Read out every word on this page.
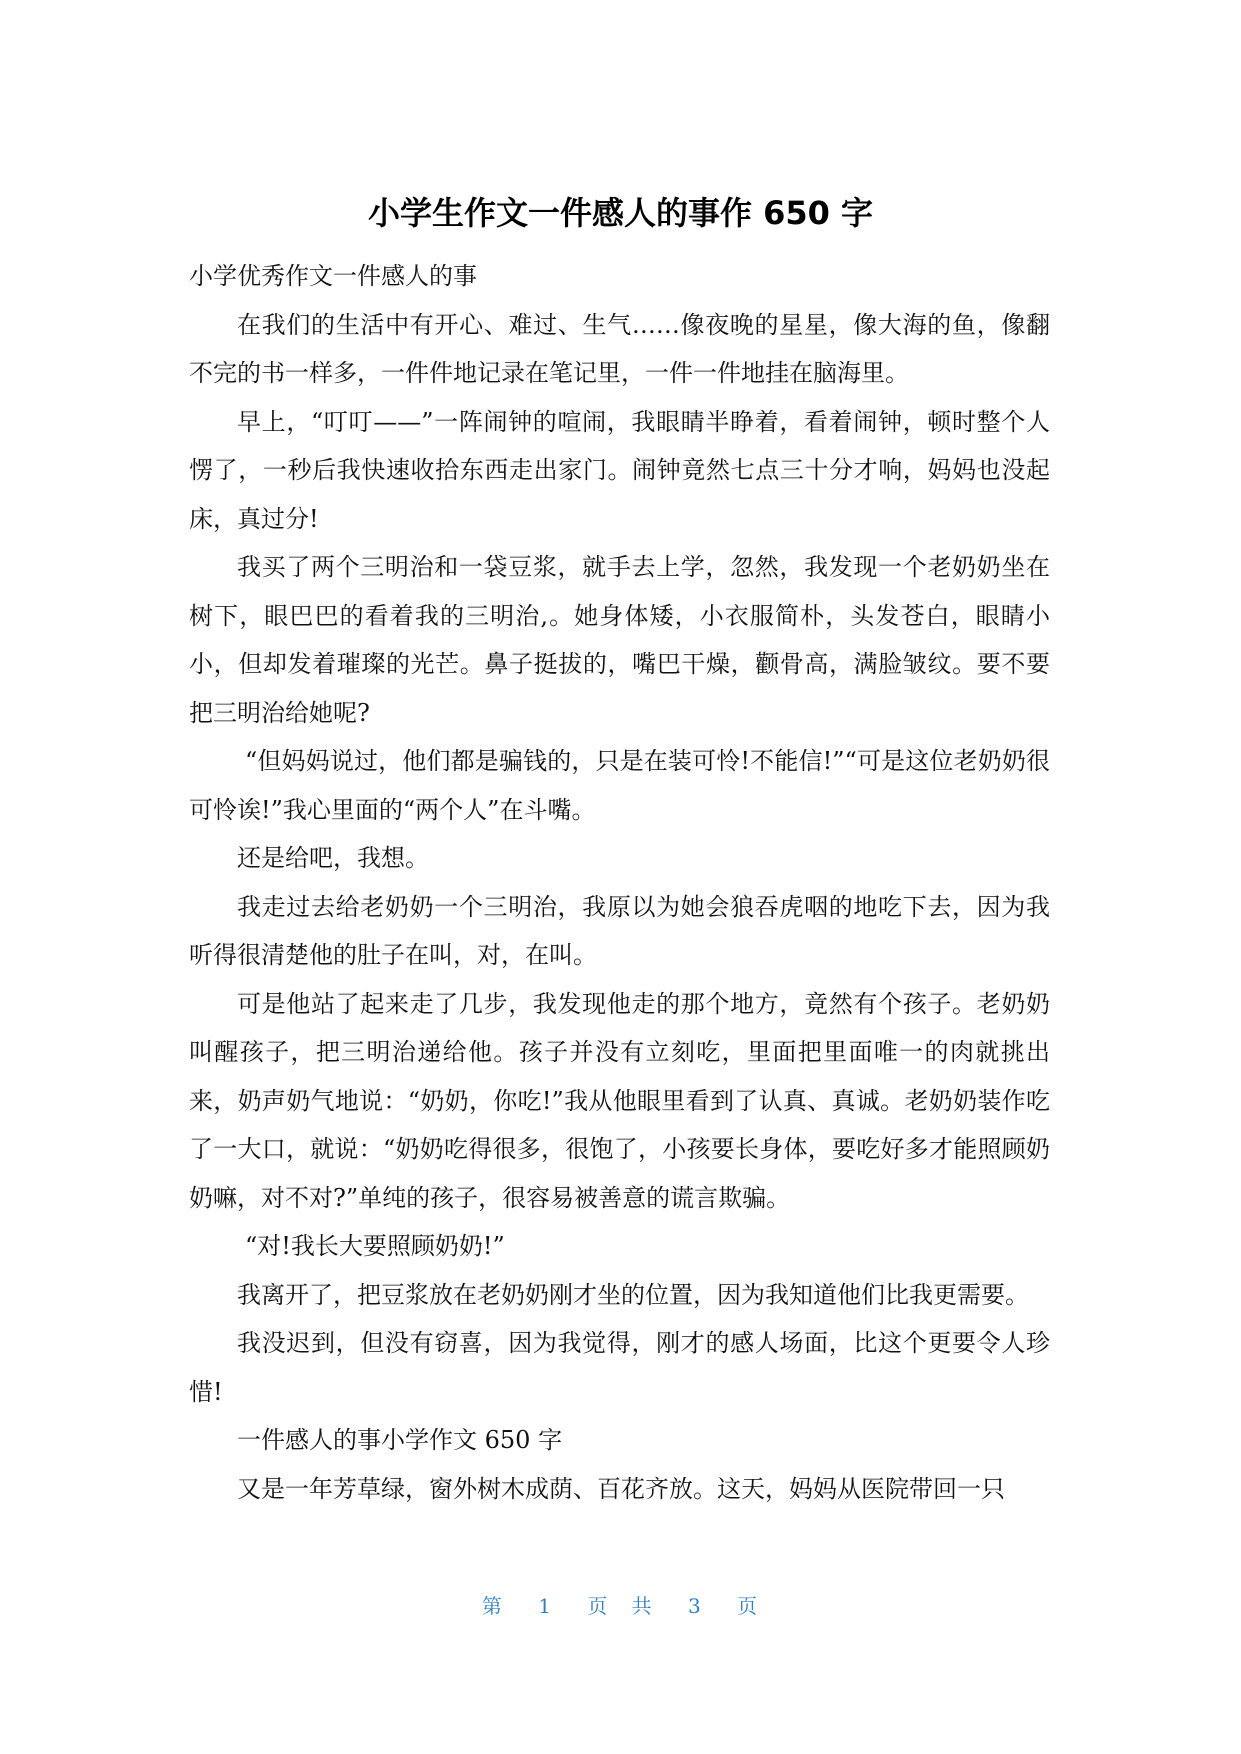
小学生作文一件感人的事作 650 字

小学优秀作文一件感人的事

在我们的生活中有开心、难过、生气……像夜晚的星星，像大海的鱼，像翻不完的书一样多，一件件地记录在笔记里，一件一件地挂在脑海里。

早上，“叮叮——”一阵闹钟的喧闹，我眼睛半睁着，看着闹钟，顿时整个人愣了，一秒后我快速收拾东西走出家门。闹钟竟然七点三十分才响，妈妈也没起床，真过分!

我买了两个三明治和一袋豆浆，就手去上学，忽然，我发现一个老奶奶坐在树下，眼巴巴的看着我的三明治,。她身体矮，小衣服简朴，头发苍白，眼睛小小，但却发着璀璨的光芒。鼻子挺拔的，嘴巴干燥，颧骨高，满脸皱纹。要不要把三明治给她呢?

“但妈妈说过，他们都是骗钱的，只是在装可怜!不能信!”“可是这位老奶奶很可怜诶!”我心里面的“两个人”在斗嘴。

还是给吧，我想。

我走过去给老奶奶一个三明治，我原以为她会狼吞虎咽的地吃下去，因为我听得很清楚他的肚子在叫，对，在叫。

可是他站了起来走了几步，我发现他走的那个地方，竟然有个孩子。老奶奶叫醒孩子，把三明治递给他。孩子并没有立刻吃，里面把里面唯一的肉就挑出来，奶声奶气地说：“奶奶，你吃!”我从他眼里看到了认真、真诚。老奶奶装作吃了一大口，就说：“奶奶吃得很多，很饱了，小孩要长身体，要吃好多才能照顾奶奶嘛，对不对?”单纯的孩子，很容易被善意的谎言欺骗。

“对!我长大要照顾奶奶!”

我离开了，把豆浆放在老奶奶刚才坐的位置，因为我知道他们比我更需要。

我没迟到，但没有窃喜，因为我觉得，刚才的感人场面，比这个更要令人珍惜!

一件感人的事小学作文 650 字

又是一年芳草绿，窗外树木成荫、百花齐放。这天，妈妈从医院带回一只

第 1 页 共 3 页
